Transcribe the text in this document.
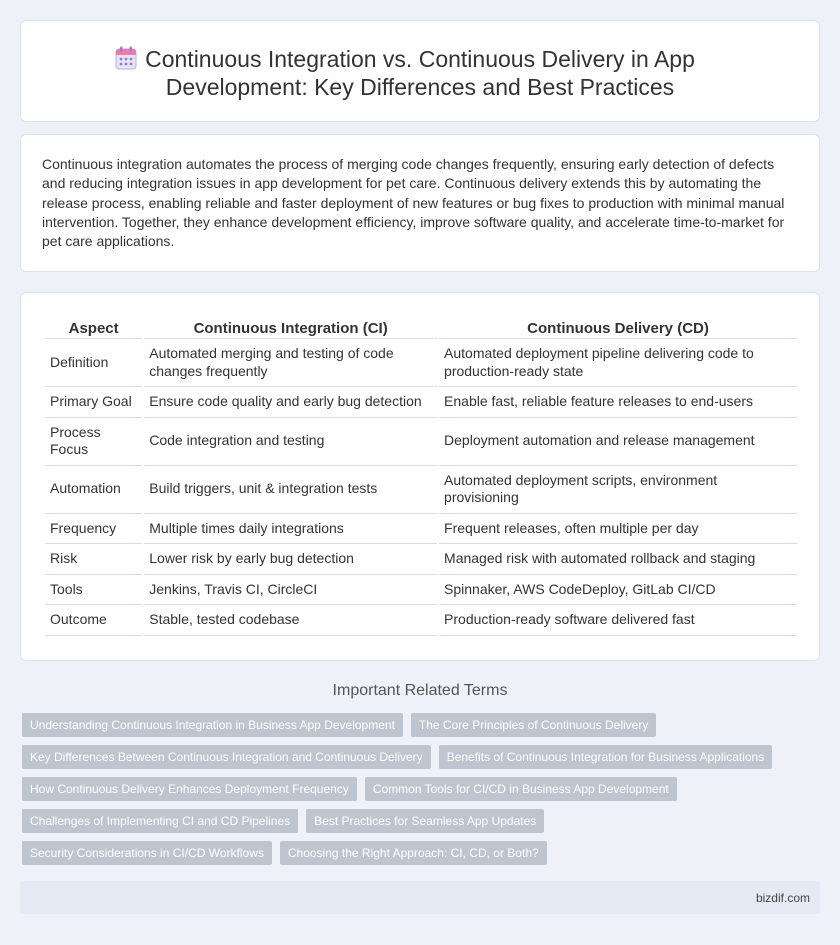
Continuous Integration vs. Continuous Delivery in App Development: Key Differences and Best Practices

Continuous integration automates the process of merging code changes frequently, ensuring early detection of defects and reducing integration issues in app development for pet care. Continuous delivery extends this by automating the release process, enabling reliable and faster deployment of new features or bug fixes to production with minimal manual intervention. Together, they enhance development efficiency, improve software quality, and accelerate time-to-market for pet care applications.

Aspect	Continuous Integration (CI)	Continuous Delivery (CD)
Definition	Automated merging and testing of code changes frequently	Automated deployment pipeline delivering code to production-ready state
Primary Goal	Ensure code quality and early bug detection	Enable fast, reliable feature releases to end-users
Process Focus	Code integration and testing	Deployment automation and release management
Automation	Build triggers, unit & integration tests	Automated deployment scripts, environment provisioning
Frequency	Multiple times daily integrations	Frequent releases, often multiple per day
Risk	Lower risk by early bug detection	Managed risk with automated rollback and staging
Tools	Jenkins, Travis CI, CircleCI	Spinnaker, AWS CodeDeploy, GitLab CI/CD
Outcome	Stable, tested codebase	Production-ready software delivered fast
Important Related Terms
Understanding Continuous Integration in Business App Development	The Core Principles of Continuous Delivery
Key Differences Between Continuous Integration and Continuous Delivery	Benefits of Continuous Integration for Business Applications
How Continuous Delivery Enhances Deployment Frequency	Common Tools for CI/CD in Business App Development
Challenges of Implementing CI and CD Pipelines	Best Practices for Seamless App Updates
Security Considerations in CI/CD Workflows	Choosing the Right Approach: CI, CD, or Both?
bizdif.com
